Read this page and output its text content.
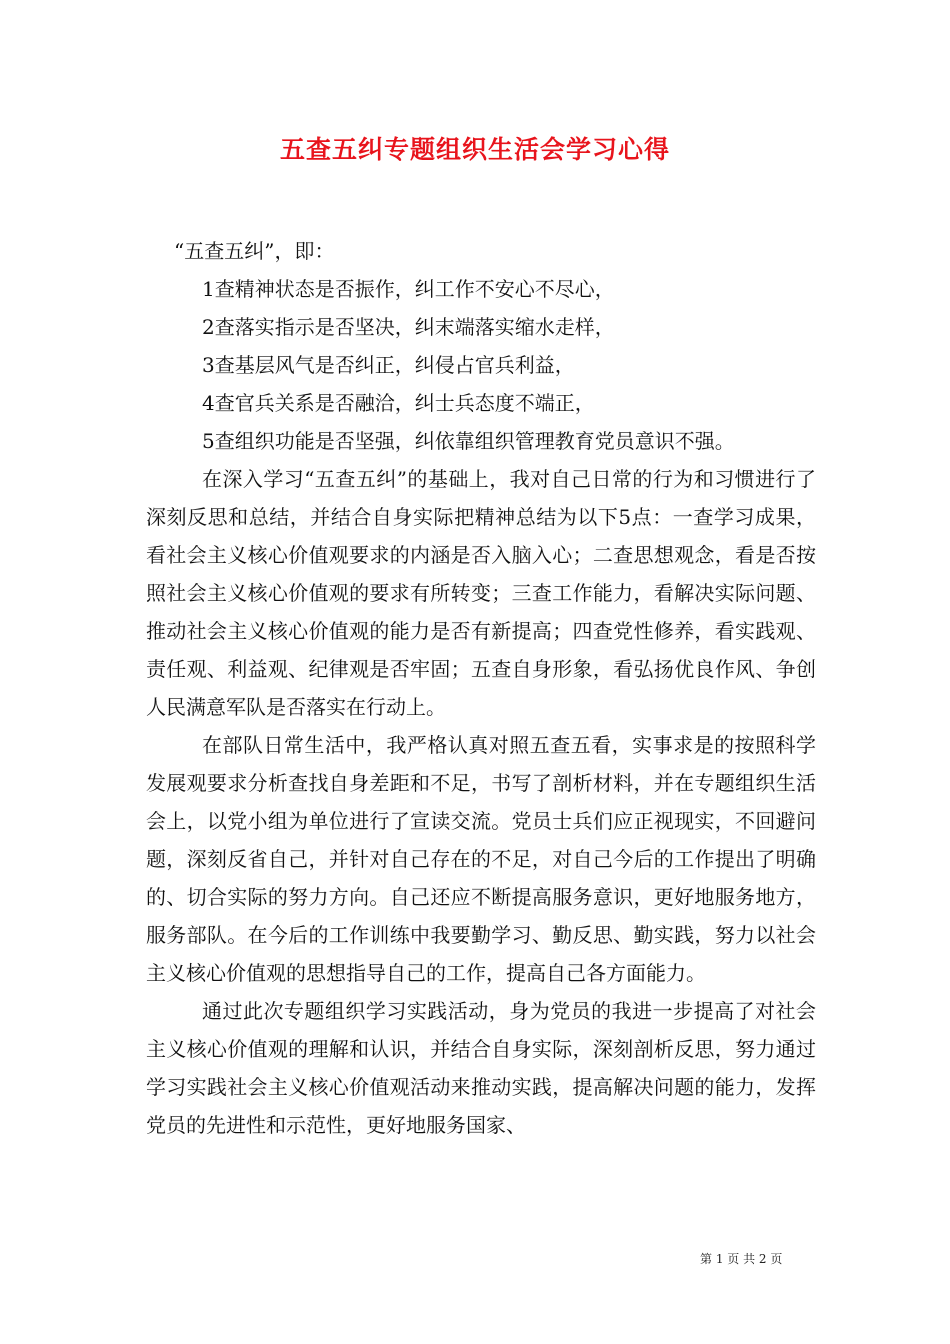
五查五纠专题组织生活会学习心得

“五查五纠”，即：

1查精神状态是否振作，纠工作不安心不尽心，

2查落实指示是否坚决，纠末端落实缩水走样，

3查基层风气是否纠正，纠侵占官兵利益，

4查官兵关系是否融洽，纠士兵态度不端正，

5查组织功能是否坚强，纠依靠组织管理教育党员意识不强。

在深入学习“五查五纠”的基础上，我对自己日常的行为和习惯进行了深刻反思和总结，并结合自身实际把精神总结为以下5点：一查学习成果，看社会主义核心价值观要求的内涵是否入脑入心；二查思想观念，看是否按照社会主义核心价值观的要求有所转变；三查工作能力，看解决实际问题、推动社会主义核心价值观的能力是否有新提高；四查党性修养，看实践观、责任观、利益观、纪律观是否牢固；五查自身形象，看弘扬优良作风、争创人民满意军队是否落实在行动上。

在部队日常生活中，我严格认真对照五查五看，实事求是的按照科学发展观要求分析查找自身差距和不足，书写了剖析材料，并在专题组织生活会上，以党小组为单位进行了宣读交流。党员士兵们应正视现实，不回避问题，深刻反省自己，并针对自己存在的不足，对自己今后的工作提出了明确的、切合实际的努力方向。自己还应不断提高服务意识，更好地服务地方，服务部队。在今后的工作训练中我要勤学习、勤反思、勤实践，努力以社会主义核心价值观的思想指导自己的工作，提高自己各方面能力。

通过此次专题组织学习实践活动，身为党员的我进一步提高了对社会主义核心价值观的理解和认识，并结合自身实际，深刻剖析反思，努力通过学习实践社会主义核心价值观活动来推动实践，提高解决问题的能力，发挥党员的先进性和示范性，更好地服务国家、

第 1 页 共 2 页
